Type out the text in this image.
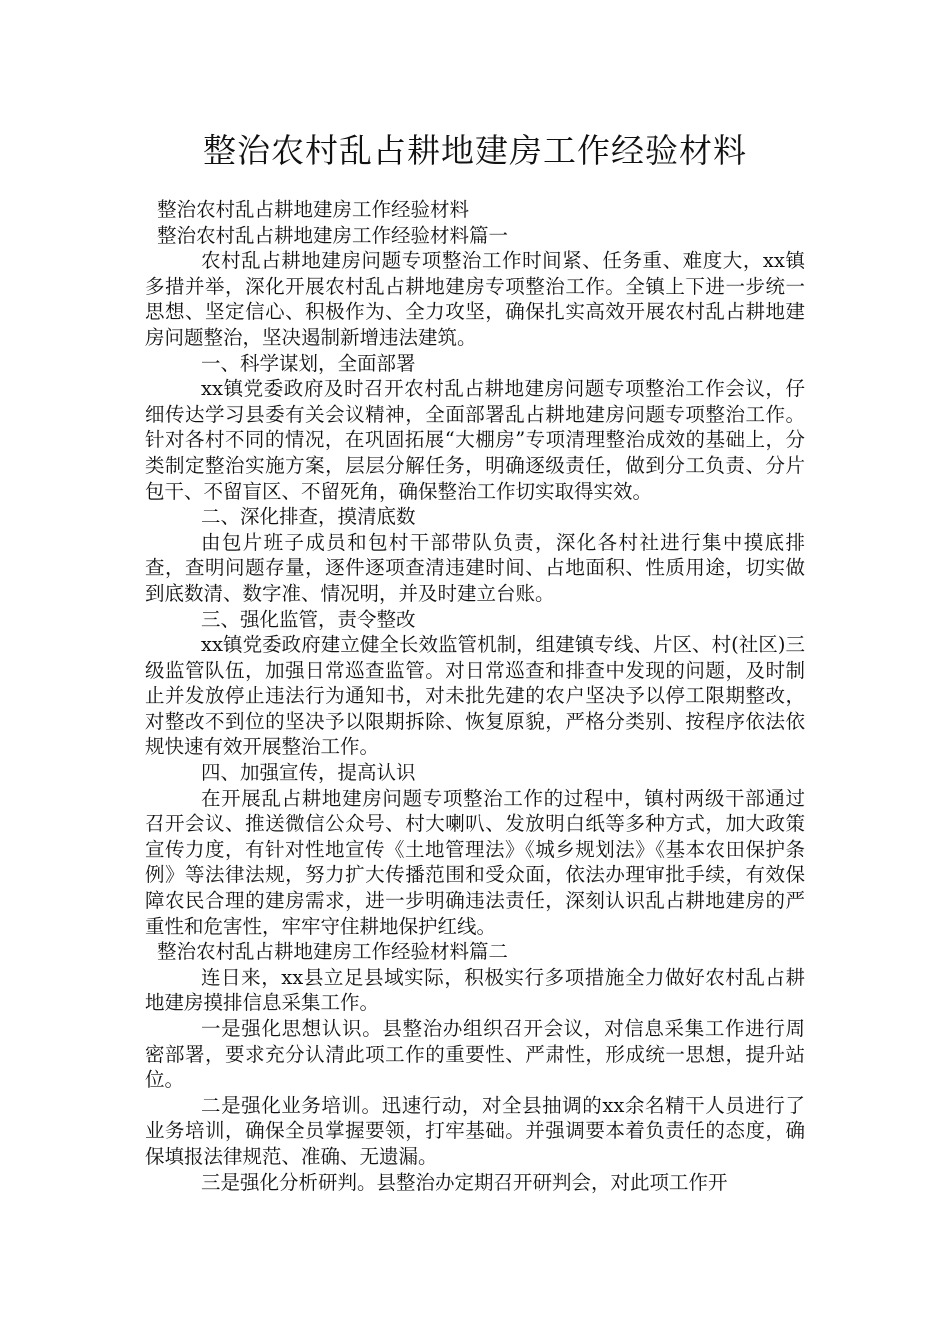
整治农村乱占耕地建房工作经验材料

整治农村乱占耕地建房工作经验材料

整治农村乱占耕地建房工作经验材料篇一

农村乱占耕地建房问题专项整治工作时间紧、任务重、难度大，xx镇多措并举，深化开展农村乱占耕地建房专项整治工作。全镇上下进一步统一思想、坚定信心、积极作为、全力攻坚，确保扎实高效开展农村乱占耕地建房问题整治，坚决遏制新增违法建筑。

一、科学谋划，全面部署

xx镇党委政府及时召开农村乱占耕地建房问题专项整治工作会议，仔细传达学习县委有关会议精神，全面部署乱占耕地建房问题专项整治工作。针对各村不同的情况，在巩固拓展“大棚房”专项清理整治成效的基础上，分类制定整治实施方案，层层分解任务，明确逐级责任，做到分工负责、分片包干、不留盲区、不留死角，确保整治工作切实取得实效。

二、深化排查，摸清底数

由包片班子成员和包村干部带队负责，深化各村社进行集中摸底排查，查明问题存量，逐件逐项查清违建时间、占地面积、性质用途，切实做到底数清、数字准、情况明，并及时建立台账。

三、强化监管，责令整改

xx镇党委政府建立健全长效监管机制，组建镇专线、片区、村(社区)三级监管队伍，加强日常巡查监管。对日常巡查和排查中发现的问题，及时制止并发放停止违法行为通知书，对未批先建的农户坚决予以停工限期整改，对整改不到位的坚决予以限期拆除、恢复原貌，严格分类别、按程序依法依规快速有效开展整治工作。

四、加强宣传，提高认识

在开展乱占耕地建房问题专项整治工作的过程中，镇村两级干部通过召开会议、推送微信公众号、村大喇叭、发放明白纸等多种方式，加大政策宣传力度，有针对性地宣传《土地管理法》《城乡规划法》《基本农田保护条例》等法律法规，努力扩大传播范围和受众面，依法办理审批手续，有效保障农民合理的建房需求，进一步明确违法责任，深刻认识乱占耕地建房的严重性和危害性，牢牢守住耕地保护红线。

整治农村乱占耕地建房工作经验材料篇二

连日来，xx县立足县域实际，积极实行多项措施全力做好农村乱占耕地建房摸排信息采集工作。

一是强化思想认识。县整治办组织召开会议，对信息采集工作进行周密部署，要求充分认清此项工作的重要性、严肃性，形成统一思想，提升站位。

二是强化业务培训。迅速行动，对全县抽调的xx余名精干人员进行了业务培训，确保全员掌握要领，打牢基础。并强调要本着负责任的态度，确保填报法律规范、准确、无遗漏。

三是强化分析研判。县整治办定期召开研判会，对此项工作开
